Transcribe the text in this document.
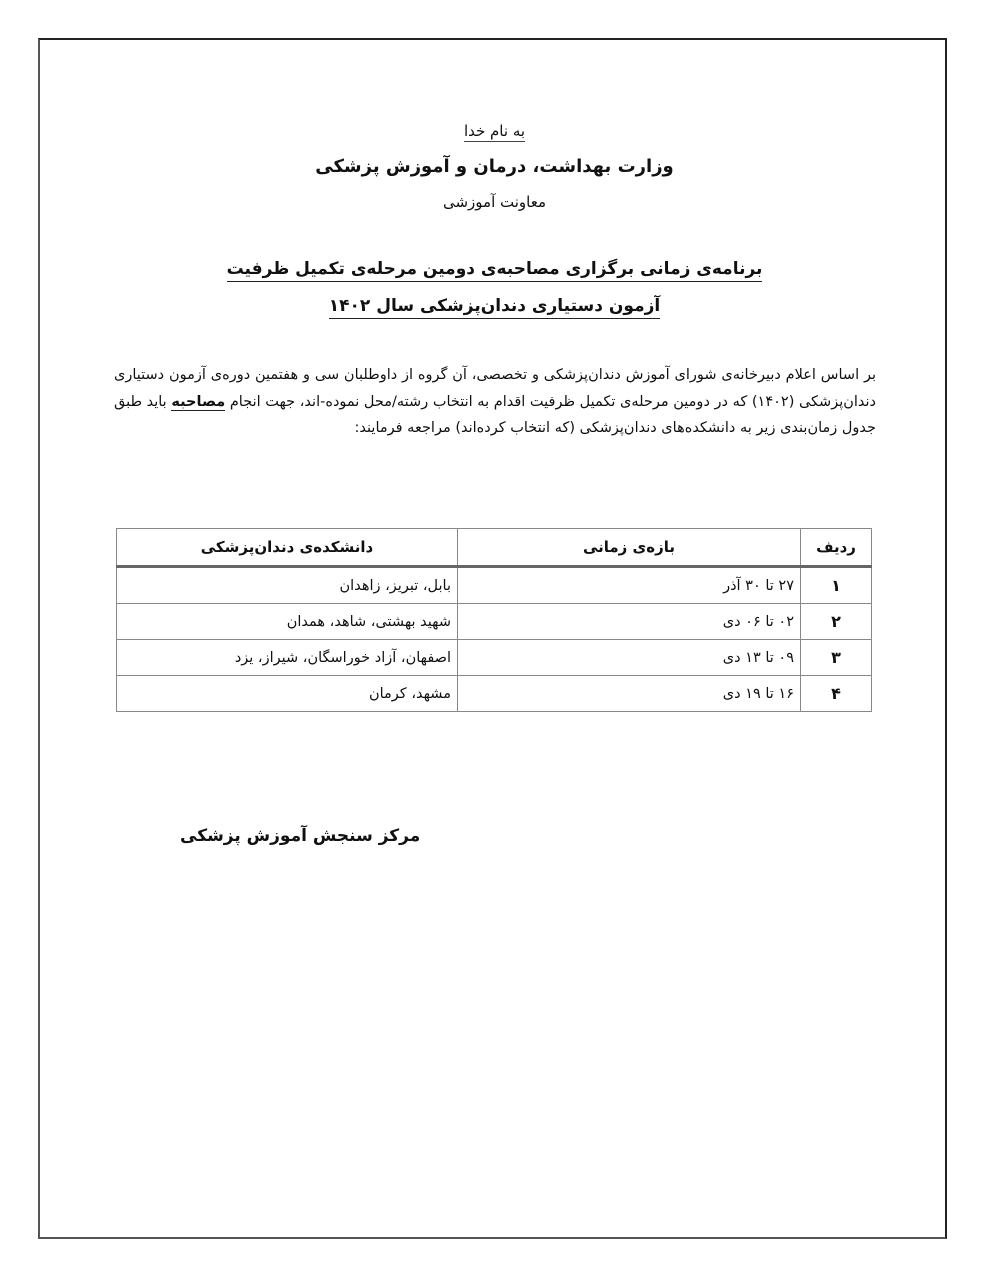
به نام خدا
وزارت بهداشت، درمان و آموزش پزشکی
معاونت آموزشی
برنامه‌ی زمانی برگزاری مصاحبه‌ی دومین مرحله‌ی تکمیل ظرفیت
آزمون دستیاری دندان‌پزشکی سال ۱۴۰۲
بر اساس اعلام دبیرخانه‌ی شورای آموزش دندان‌پزشکی و تخصصی، آن گروه از داوطلبان سی و هفتمین دوره‌ی آزمون دستیاری دندان‌پزشکی (۱۴۰۲) که در دومین مرحله‌ی تکمیل ظرفیت اقدام به انتخاب رشته/محل نموده-اند، جهت انجام مصاحبه باید طبق جدول زمان‌بندی زیر به دانشکده‌های دندان‌پزشکی (که انتخاب کرده‌اند) مراجعه فرمایند:
ردیف	بازه‌ی زمانی	دانشکده‌ی دندان‌پزشکی
۱	۲۷ تا ۳۰ آذر	بابل، تبریز، زاهدان
۲	۰۲ تا ۰۶ دی	شهید بهشتی، شاهد، همدان
۳	۰۹ تا ۱۳ دی	اصفهان، آزاد خوراسگان، شیراز، یزد
۴	۱۶ تا ۱۹ دی	مشهد، کرمان
مرکز سنجش آموزش پزشکی
